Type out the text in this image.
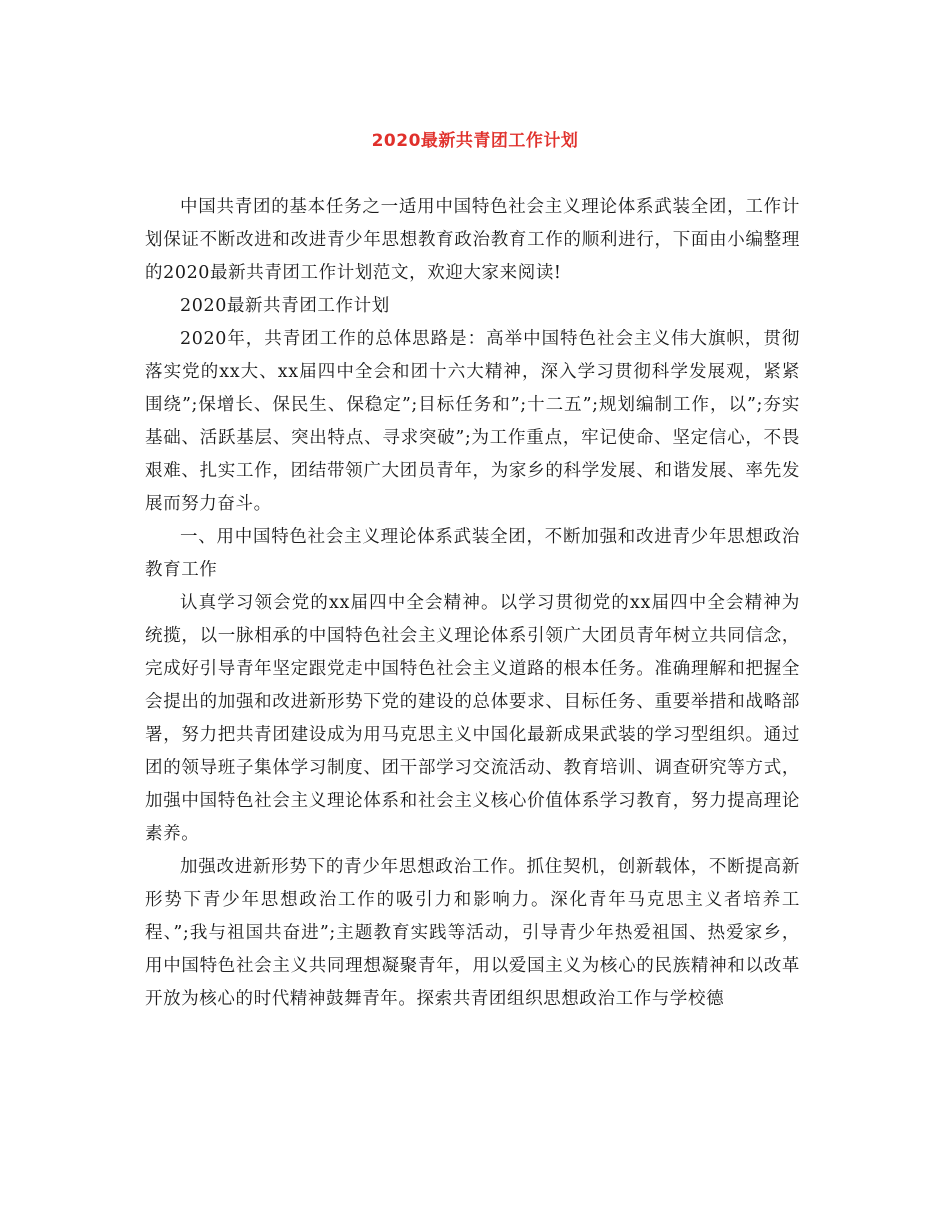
2020最新共青团工作计划

中国共青团的基本任务之一适用中国特色社会主义理论体系武装全团，工作计划保证不断改进和改进青少年思想教育政治教育工作的顺利进行，下面由小编整理的2020最新共青团工作计划范文，欢迎大家来阅读!

2020最新共青团工作计划

2020年，共青团工作的总体思路是：高举中国特色社会主义伟大旗帜，贯彻落实党的xx大、xx届四中全会和团十六大精神，深入学习贯彻科学发展观，紧紧围绕”;保增长、保民生、保稳定”;目标任务和”;十二五”;规划编制工作，以”;夯实基础、活跃基层、突出特点、寻求突破”;为工作重点，牢记使命、坚定信心，不畏艰难、扎实工作，团结带领广大团员青年，为家乡的科学发展、和谐发展、率先发展而努力奋斗。

一、用中国特色社会主义理论体系武装全团，不断加强和改进青少年思想政治教育工作

认真学习领会党的xx届四中全会精神。以学习贯彻党的xx届四中全会精神为统揽，以一脉相承的中国特色社会主义理论体系引领广大团员青年树立共同信念，完成好引导青年坚定跟党走中国特色社会主义道路的根本任务。准确理解和把握全会提出的加强和改进新形势下党的建设的总体要求、目标任务、重要举措和战略部署，努力把共青团建设成为用马克思主义中国化最新成果武装的学习型组织。通过团的领导班子集体学习制度、团干部学习交流活动、教育培训、调查研究等方式，加强中国特色社会主义理论体系和社会主义核心价值体系学习教育，努力提高理论素养。

加强改进新形势下的青少年思想政治工作。抓住契机，创新载体，不断提高新形势下青少年思想政治工作的吸引力和影响力。深化青年马克思主义者培养工程、”;我与祖国共奋进”;主题教育实践等活动，引导青少年热爱祖国、热爱家乡，用中国特色社会主义共同理想凝聚青年，用以爱国主义为核心的民族精神和以改革开放为核心的时代精神鼓舞青年。探索共青团组织思想政治工作与学校德
